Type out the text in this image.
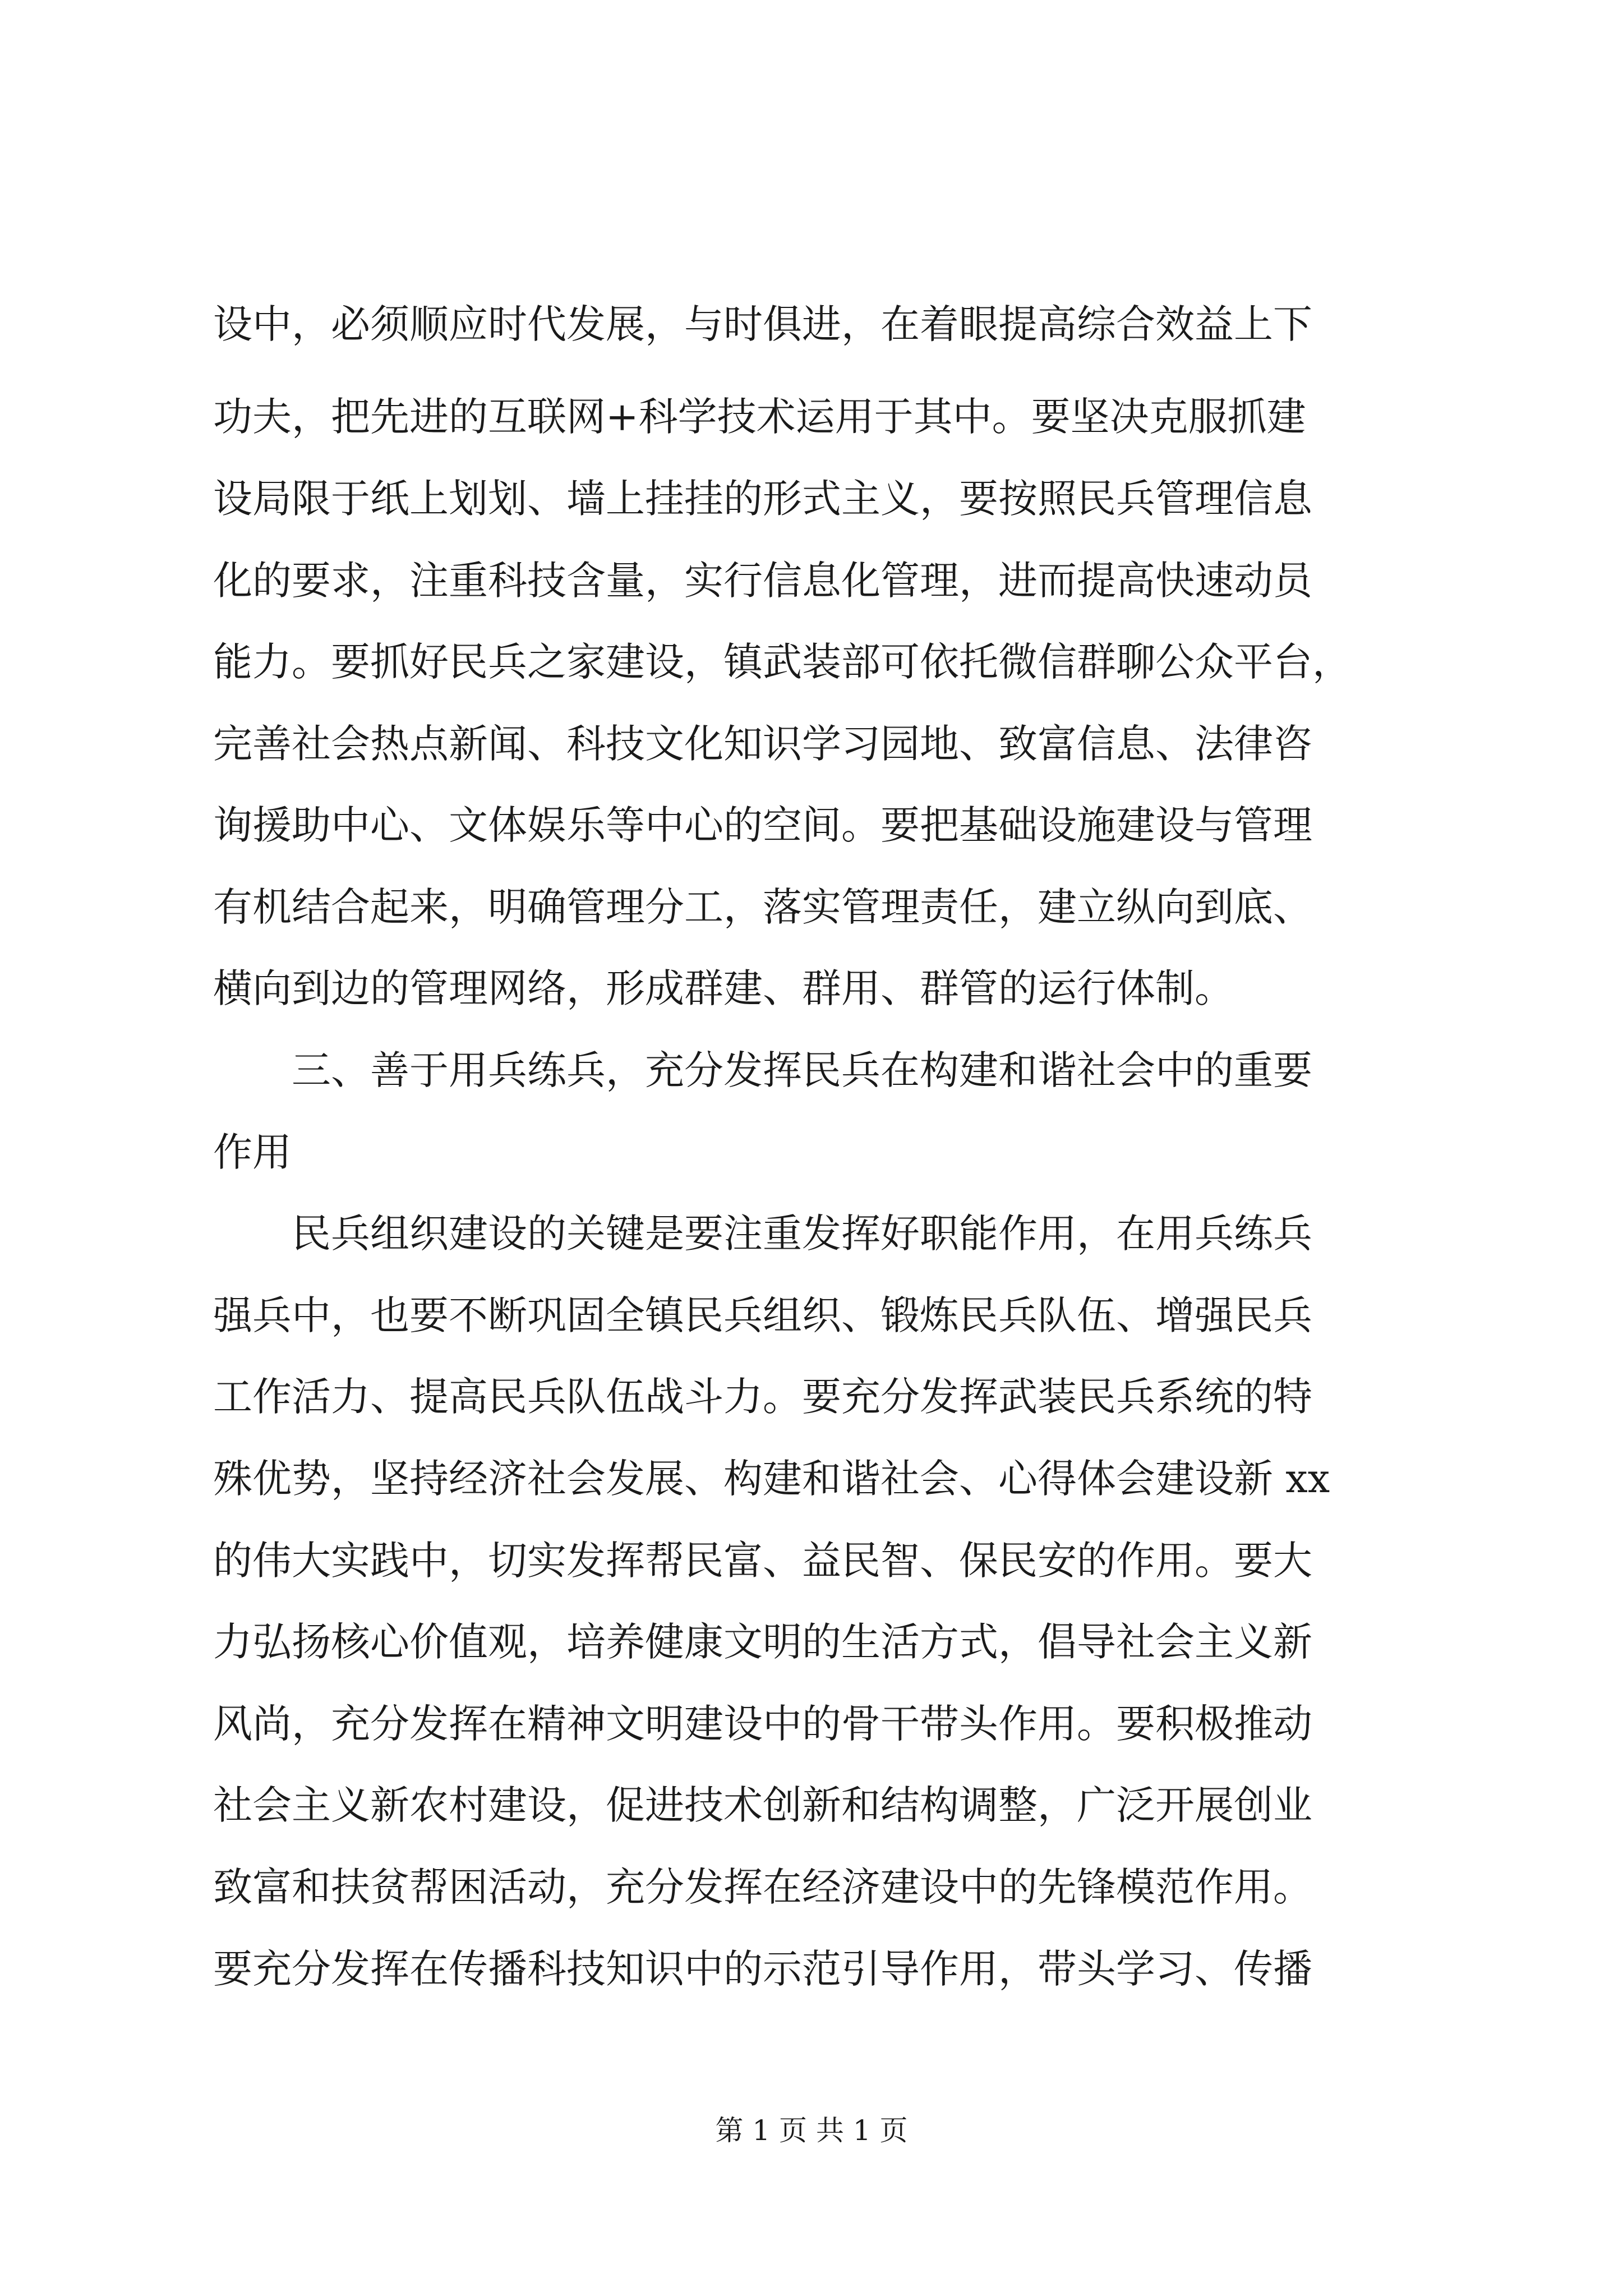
设中，必须顺应时代发展，与时俱进，在着眼提高综合效益上下
功夫，把先进的互联网+科学技术运用于其中。要坚决克服抓建
设局限于纸上划划、墙上挂挂的形式主义，要按照民兵管理信息
化的要求，注重科技含量，实行信息化管理，进而提高快速动员
能力。要抓好民兵之家建设，镇武装部可依托微信群聊公众平台，
完善社会热点新闻、科技文化知识学习园地、致富信息、法律咨
询援助中心、文体娱乐等中心的空间。要把基础设施建设与管理
有机结合起来，明确管理分工，落实管理责任，建立纵向到底、
横向到边的管理网络，形成群建、群用、群管的运行体制。
三、善于用兵练兵，充分发挥民兵在构建和谐社会中的重要
作用
民兵组织建设的关键是要注重发挥好职能作用，在用兵练兵
强兵中，也要不断巩固全镇民兵组织、锻炼民兵队伍、增强民兵
工作活力、提高民兵队伍战斗力。要充分发挥武装民兵系统的特
殊优势，坚持经济社会发展、构建和谐社会、心得体会建设新 xx
的伟大实践中，切实发挥帮民富、益民智、保民安的作用。要大
力弘扬核心价值观，培养健康文明的生活方式，倡导社会主义新
风尚，充分发挥在精神文明建设中的骨干带头作用。要积极推动
社会主义新农村建设，促进技术创新和结构调整，广泛开展创业
致富和扶贫帮困活动，充分发挥在经济建设中的先锋模范作用。
要充分发挥在传播科技知识中的示范引导作用，带头学习、传播
第 1 页 共 1 页
